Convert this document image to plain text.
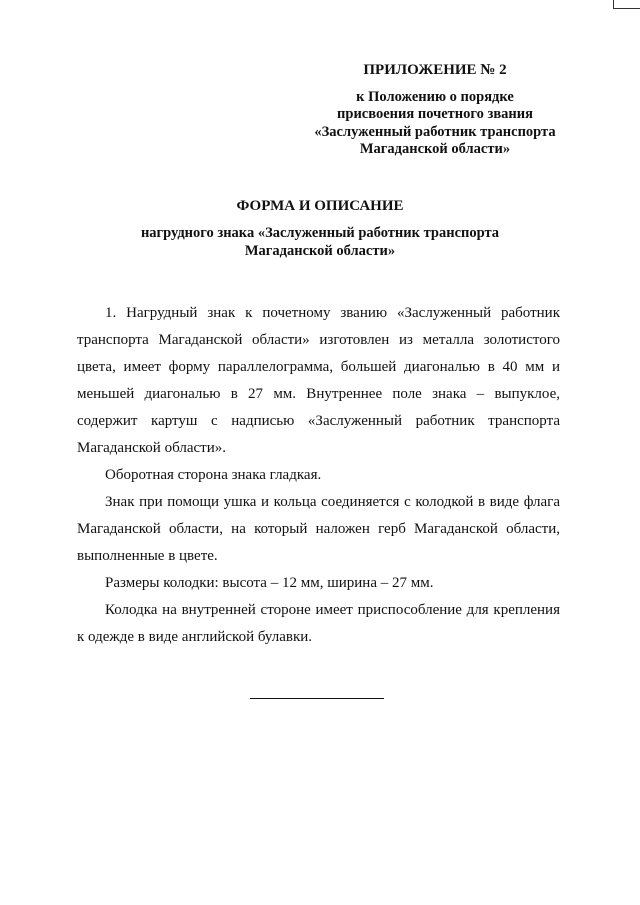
ПРИЛОЖЕНИЕ № 2
к Положению о порядке
присвоения почетного звания
«Заслуженный работник транспорта
Магаданской области»
ФОРМА И ОПИСАНИЕ
нагрудного знака «Заслуженный работник транспорта
Магаданской области»

1. Нагрудный знак к почетному званию «Заслуженный работник транспорта Магаданской области» изготовлен из металла золотистого цвета, имеет форму параллелограмма, большей диагональю в 40 мм и меньшей диагональю в 27 мм. Внутреннее поле знака – выпуклое, содержит картуш с надписью «Заслуженный работник транспорта Магаданской области».

Оборотная сторона знака гладкая.

Знак при помощи ушка и кольца соединяется с колодкой в виде флага Магаданской области, на который наложен герб Магаданской области, выполненные в цвете.

Размеры колодки: высота – 12 мм, ширина – 27 мм.

Колодка на внутренней стороне имеет приспособление для крепления к одежде в виде английской булавки.
